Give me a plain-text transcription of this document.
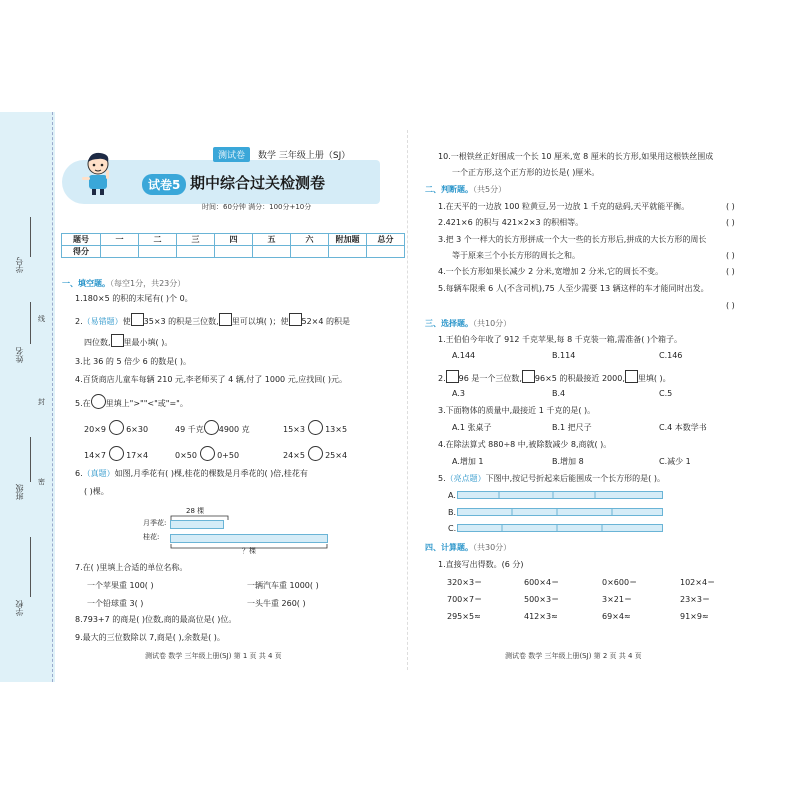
学号
姓名
班级
学校
线
封
密
测试卷	数学 三年级上册（SJ）
试卷5 期中综合过关检测卷
时间：60分钟 满分：100分+10分
题号	一	二	三	四	五	六	附加题	总分
得分								
一、填空题。（每空1分，共23分）
1.180×5 的积的末尾有( )个 0。
2.（易错题）使 35×3 的积是三位数, 里可以填( )；使 52×4 的积是
四位数, 里最小填( )。
3.比 36 的 5 倍少 6 的数是( )。
4.百货商店儿童车每辆 210 元,李老师买了 4 辆,付了 1000 元,应找回( )元。
5.在 里填上">""<"或"="。
20×9	6×30	49 千克 4900 克	15×3	13×5
14×7	17×4	0×50	0+50	24×5	25×4
6.（真题）如图,月季花有( )棵,桂花的棵数是月季花的( )倍,桂花有
( )棵。
28 棵
月季花:
桂花:
？棵
7.在( )里填上合适的单位名称。
一个苹果重 100( )	一辆汽车重 1000( )
一个铅球重 3( )	一头牛重 260( )
8.793+7 的商是( )位数,商的最高位是( )位。
9.最大的三位数除以 7,商是( ),余数是( )。
测试卷 数学 三年级上册(SJ) 第 1 页 共 4 页
10.一根铁丝正好围成一个长 10 厘米,宽 8 厘米的长方形,如果用这根铁丝围成
一个正方形,这个正方形的边长是( )厘米。
二、判断题。（共5分）
1.在天平的一边放 100 粒黄豆,另一边放 1 千克的砝码,天平就能平衡。	( )
2.421×6 的积与 421×2×3 的积相等。	( )
3.把 3 个一样大的长方形拼成一个大一些的长方形后,拼成的大长方形的周长
等于原来三个小长方形的周长之和。	( )
4.一个长方形如果长减少 2 分米,宽增加 2 分米,它的周长不变。	( )
5.每辆车限乘 6 人(不含司机),75 人至少需要 13 辆这样的车才能同时出发。
( )
三、选择题。（共10分）
1.王伯伯今年收了 912 千克苹果,每 8 千克装一箱,需准备( )个箱子。
A.144	B.114	C.146
2. 96 是一个三位数, 96×5 的积最接近 2000, 里填( )。
A.3	B.4	C.5
3.下面物体的质量中,最接近 1 千克的是( )。
A.1 张桌子	B.1 把尺子	C.4 本数学书
4.在除法算式 880÷8 中,被除数减少 8,商就( )。
A.增加 1	B.增加 8	C.减少 1
5.（亮点题）下图中,按记号折起来后能围成一个长方形的是( )。
A.
B.
C.
四、计算题。（共30分）
1.直接写出得数。(6 分)
320×3＝	600×4＝	0×600＝	102×4＝
700×7＝	500×3＝	3×21＝	23×3＝
295×5≈	412×3≈	69×4≈	91×9≈
测试卷 数学 三年级上册(SJ) 第 2 页 共 4 页
